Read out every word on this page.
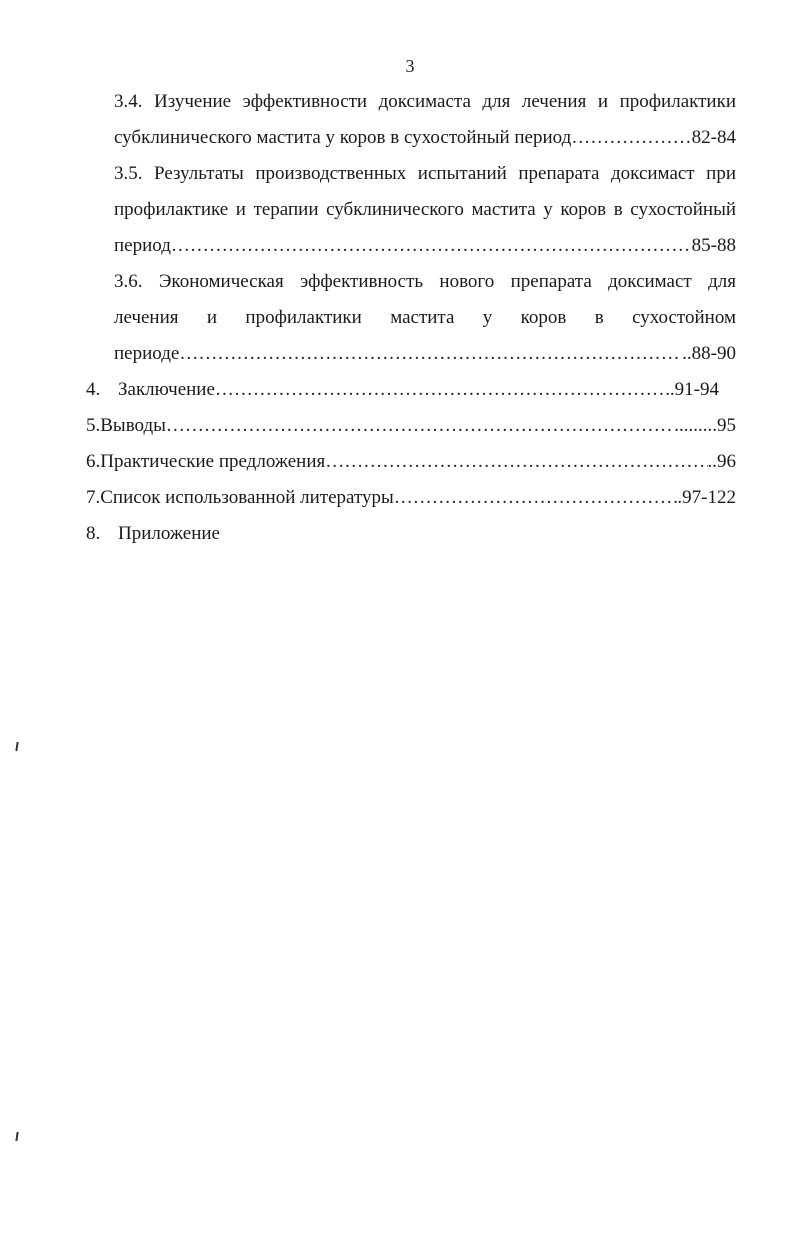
3
3.4. Изучение эффективности доксимаста для лечения и профилактики
субклинического мастита у коров в сухостойный период ……………………………………………………………………………………………………………………………………………………………………	82-84
3.5. Результаты производственных испытаний препарата доксимаст при
профилактике и терапии субклинического мастита у коров в сухостойный
период ……………………………………………………………………………………………………………………………………………………………………	85-88
3.6. Экономическая эффективность нового препарата доксимаст для
лечения и профилактики мастита у коров в сухостойном
периоде ……………………………………………………………………………………………………………………………………………………………………	..88-90
4. Заключение ……………………………………………………………………………………………………………………………………………………………………	.91-94
5. Выводы ……………………………………………………………………………………………………………………………………………………………………	.........95
6. Практические предложения ……………………………………………………………………………………………………………………………………………………………………	..96
7. Список использованной литературы ……………………………………………………………………………………………………………………………………………………………………	.97-122
8. Приложение
